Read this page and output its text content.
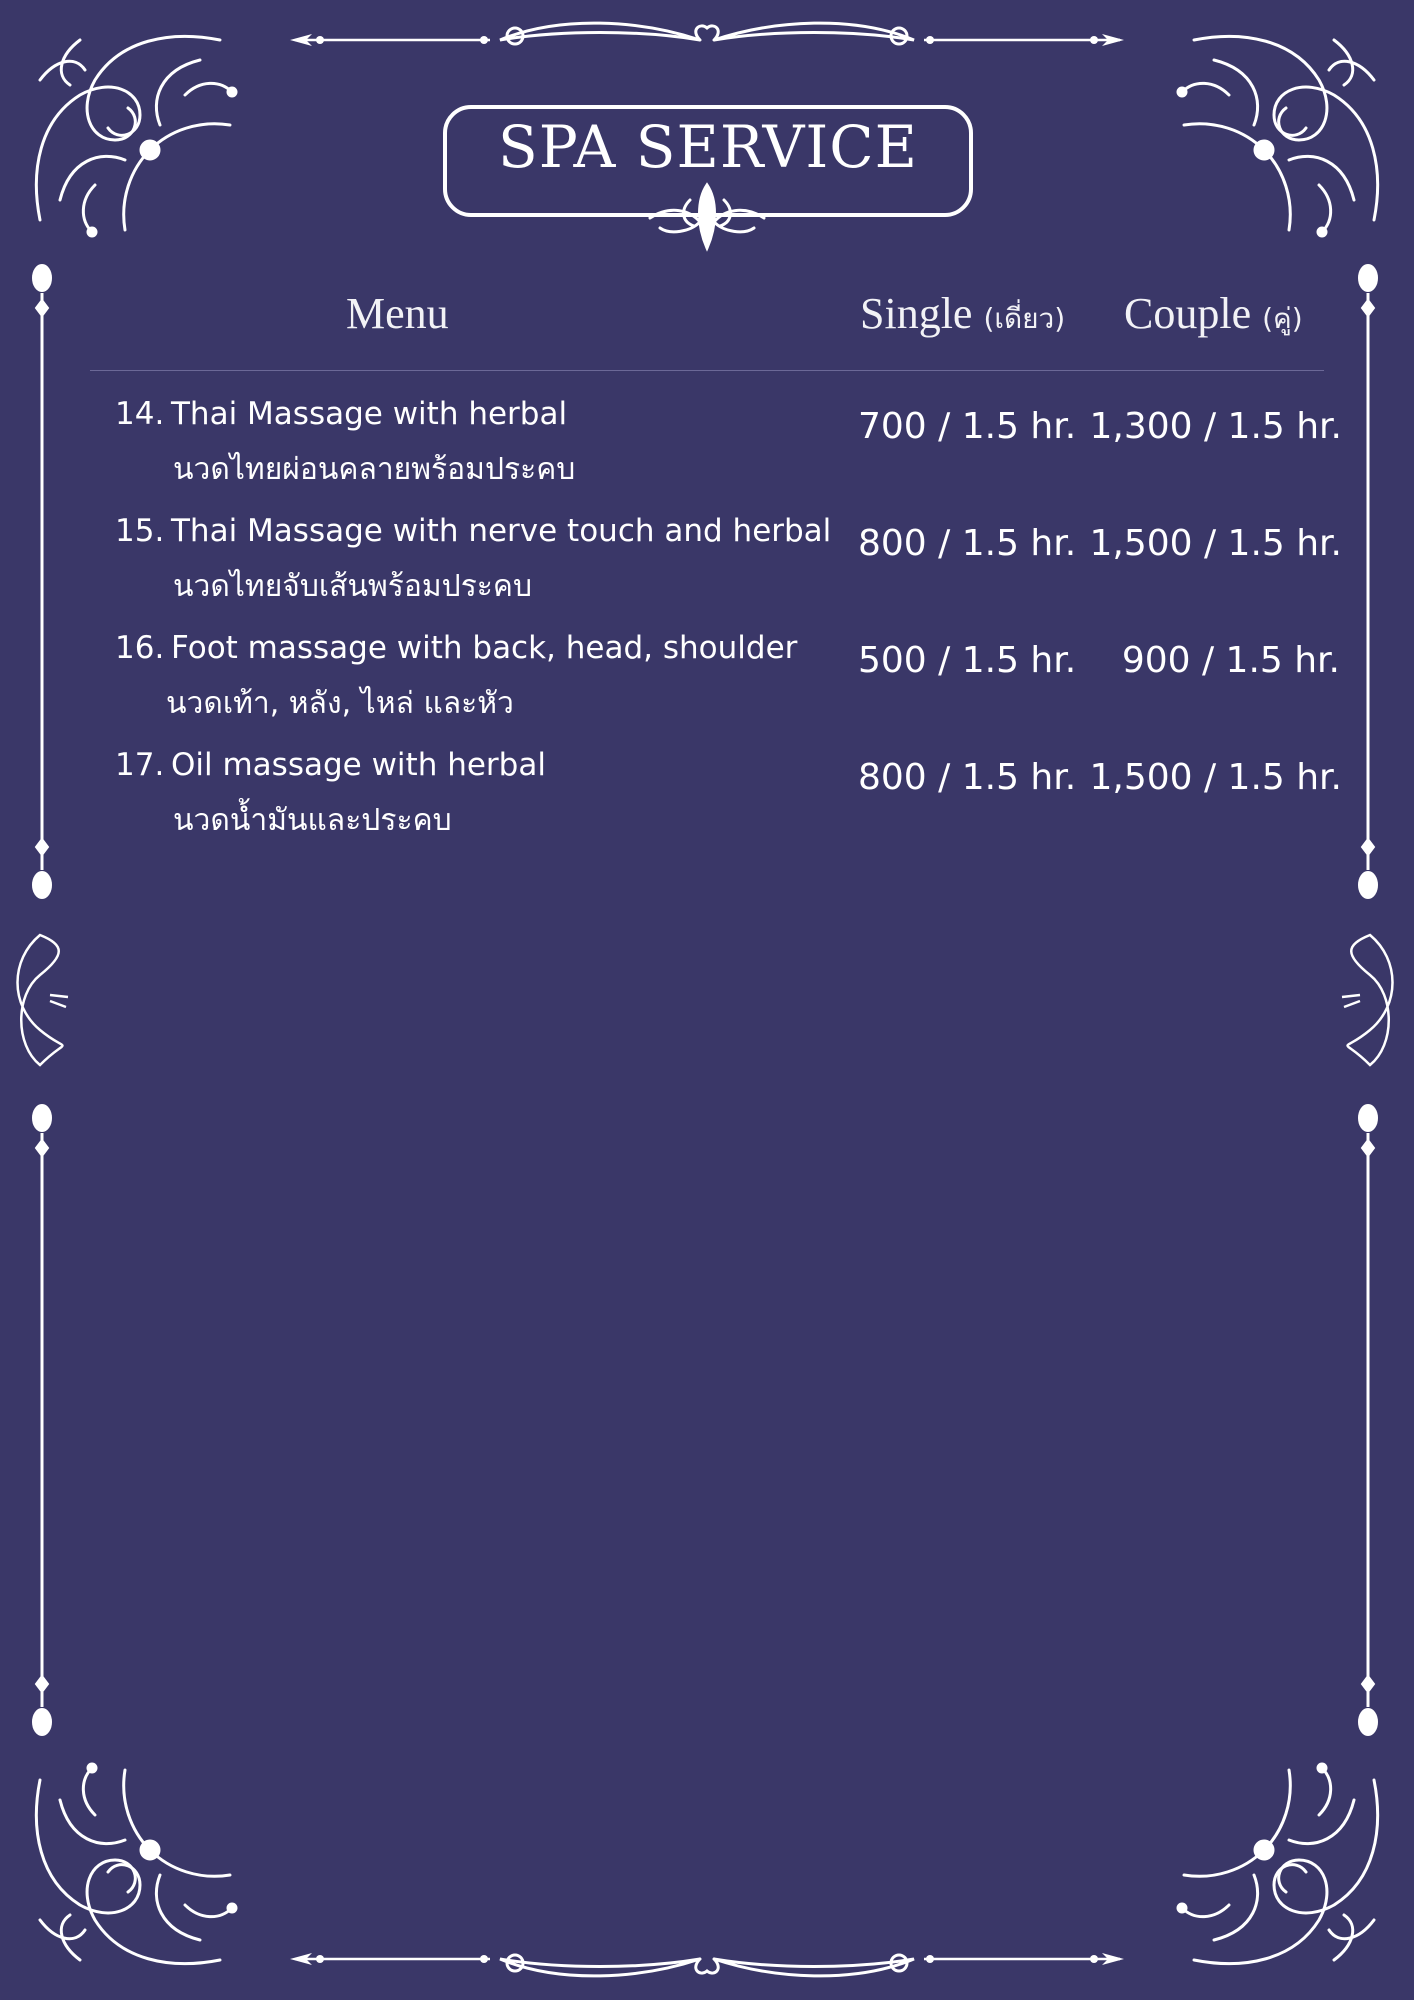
SPA SERVICE
Menu	Single (เดี่ยว) Couple (คู่)
14. Thai Massage with herbal
นวดไทยผ่อนคลายพร้อมประคบ
700 / 1.5 hr. 1,300 / 1.5 hr.
15. Thai Massage with nerve touch and herbal
นวดไทยจับเส้นพร้อมประคบ
800 / 1.5 hr. 1,500 / 1.5 hr.
16. Foot massage with back, head, shoulder
นวดเท้า, หลัง, ไหล่ และหัว
500 / 1.5 hr. 900 / 1.5 hr.
17. Oil massage with herbal
นวดน้ำมันและประคบ
800 / 1.5 hr. 1,500 / 1.5 hr.
